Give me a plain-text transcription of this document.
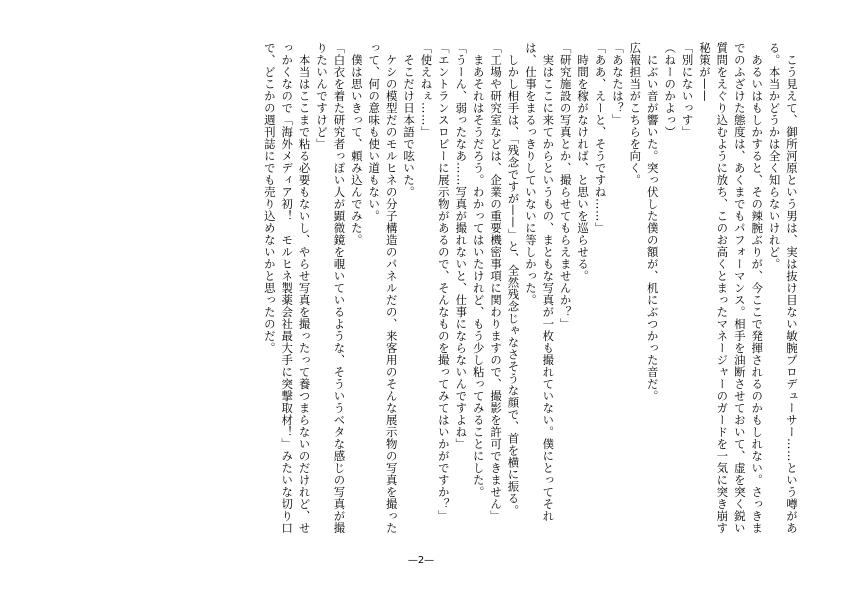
　こう見えて、御所河原という男は、実は抜け目ない敏腕プロデューサー……という噂がある。本当かどうかは全く知らないけれど。

　あるいはもしかすると、その辣腕ぶりが、今ここで発揮されるのかもしれない。さっきまでのふざけた態度は、あくまでもパフォーマンス。相手を油断させておいて、虚を突く鋭い質問をえぐり込むように放ち、このお高くとまったマネージャーのガードを一気に突き崩す秘策が——

「別にないっす」

（ねーのかよっ）

　にぶい音が響いた。突っ伏した僕の額が、机にぶつかった音だ。

広報担当がこちらを向く。

「あなたは？」

「ああ、えーと、そうですね……」

　時間を稼がなければ、と思いを巡らせる。

「研究施設の写真とか、撮らせてもらえませんか？」

　実はここに来てからというもの、まともな写真が一枚も撮れていない。僕にとってそれは、仕事をまるっきりしていないに等しかった。

　しかし相手は、「残念ですが——」と、全然残念じゃなさそうな顔で、首を横に振る。

「工場や研究室などは、企業の重要機密事項に関わりますので、撮影を許可できません」

　まあそれはそうだろう。わかってはいたけれど、もう少し粘ってみることにした。

「うーん、弱ったなあ……写真が撮れないと、仕事にならないんですよね」

「エントランスロビーに展示物があるので、そんなものを撮ってみてはいかがですか？」

「使えねぇ……」

　そこだけ日本語で呟いた。

　ケシの模型だのモルヒネの分子構造のパネルだの、来客用のそんな展示物の写真を撮ったって、何の意味も使い道もない。

　僕は思いきって、頼み込んでみた。

「白衣を着た研究者っぽい人が顕微鏡を覗いているような、そういうベタな感じの写真が撮りたいんですけど」

　本当はここまで粘る必要もないし、やらせ写真を撮ったって養つまらないのだけれど、せっかくなので「海外メディア初！　モルヒネ製薬会社最大手に突撃取材！」みたいな切り口で、どこかの週刊誌にでも売り込めないかと思ったのだ。

—2—
